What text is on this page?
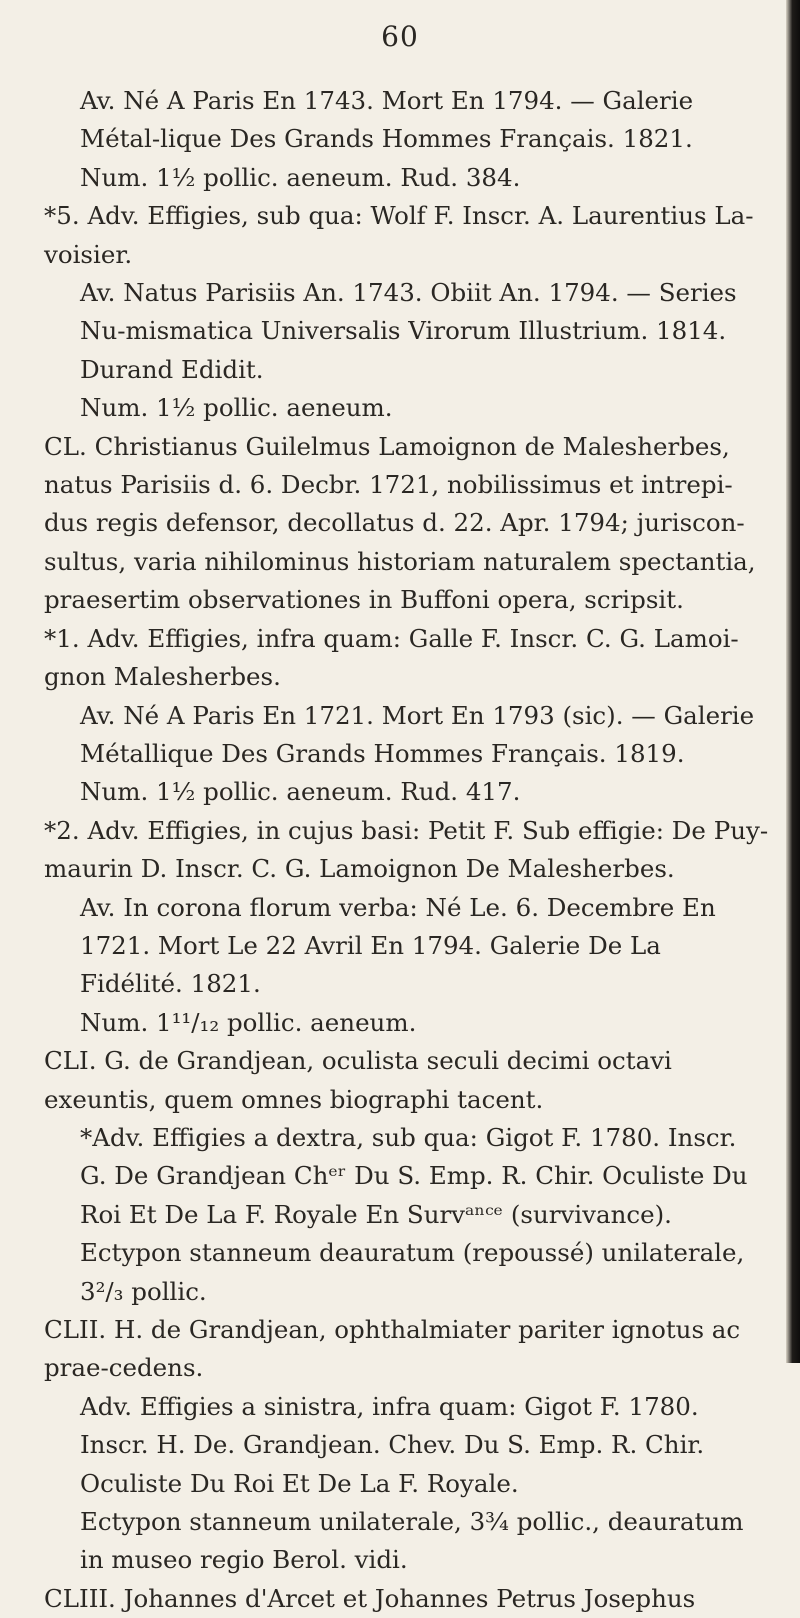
60

Av. Né A Paris En 1743. Mort En 1794. — Galerie Métal-lique Des Grands Hommes Français. 1821.

Num. 1½ pollic. aeneum. Rud. 384.

*5. Adv. Effigies, sub qua: Wolf F. Inscr. A. Laurentius La-voisier.

Av. Natus Parisiis An. 1743. Obiit An. 1794. — Series Nu-mismatica Universalis Virorum Illustrium. 1814. Durand Edidit.

Num. 1½ pollic. aeneum.

CL. Christianus Guilelmus Lamoignon de Malesherbes, natus Parisiis d. 6. Decbr. 1721, nobilissimus et intrepi-dus regis defensor, decollatus d. 22. Apr. 1794; juriscon-sultus, varia nihilominus historiam naturalem spectantia, praesertim observationes in Buffoni opera, scripsit.

*1. Adv. Effigies, infra quam: Galle F. Inscr. C. G. Lamoi-gnon Malesherbes.

Av. Né A Paris En 1721. Mort En 1793 (sic). — Galerie Métallique Des Grands Hommes Français. 1819.

Num. 1½ pollic. aeneum. Rud. 417.

*2. Adv. Effigies, in cujus basi: Petit F. Sub effigie: De Puy-maurin D. Inscr. C. G. Lamoignon De Malesherbes.

Av. In corona florum verba: Né Le. 6. Decembre En 1721. Mort Le 22 Avril En 1794. Galerie De La Fidélité. 1821.

Num. 1¹¹/₁₂ pollic. aeneum.

CLI. G. de Grandjean, oculista seculi decimi octavi exeuntis, quem omnes biographi tacent.

*Adv. Effigies a dextra, sub qua: Gigot F. 1780. Inscr. G. De Grandjean Chᵉʳ Du S. Emp. R. Chir. Oculiste Du Roi Et De La F. Royale En Survᵃⁿᶜᵉ (survivance).

Ectypon stanneum deauratum (repoussé) unilaterale, 3²/₃ pollic.

CLII. H. de Grandjean, ophthalmiater pariter ignotus ac prae-cedens.

Adv. Effigies a sinistra, infra quam: Gigot F. 1780. Inscr. H. De. Grandjean. Chev. Du S. Emp. R. Chir. Oculiste Du Roi Et De La F. Royale.

Ectypon stanneum unilaterale, 3¾ pollic., deauratum in museo regio Berol. vidi.

CLIII. Johannes d'Arcet et Johannes Petrus Josephus
